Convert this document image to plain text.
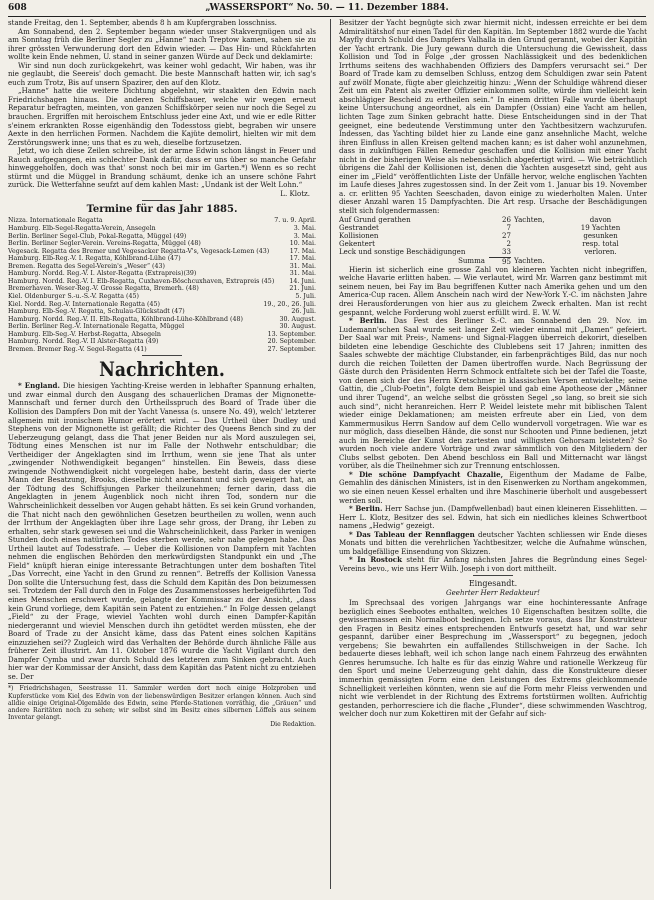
608	„WASSERSPORT“ No. 50. — 11. Dezember 1884.

stande Freitag, den 1. September, abends 8 h am Kupfergraben losschniss.

Am Sonnabend, den 2. September begann wieder unser Stakvergnügen und als am Sonntag früh die Berliner Segler zu „Hanne“ nach Treptow kamen, sahen sie zu ihrer grössten Verwunderung dort den Edwin wieder. — Das Hin- und Rückfahrten wollte kein Ende nehmen, U. stand in seiner ganzen Würde auf Deck und deklamirte:

Wir sind nun doch zurückgekehrt, was keiner wohl gedacht, Wir haben, was ihr nie geglaubt, die Seereis' doch gemacht. Die beste Mannschaft hatten wir, ich sag's euch zum Trotz, Bis auf unsern Spazirer, den auf den Klotz.

„Hanne“ hatte die weitere Dichtung abgelehnt, wir staakten den Edwin nach Friedrichshagen hinaus. Die anderen Schiffsbauer, welche wir wegen erneut Reparatur befragten, meinten, von ganzen Schiffskörper seien nur noch die Segel zu brauchen. Ergriffen mit heroischem Entschluss jeder eine Axt, und wie er edle Ritter s'einem erkrankten Rosse eigenhändig den Todesstoss giebt, begraben wir unsere Aexte in den herrlichen Formen. Nachdem die Kajüte demolirt, hielten wir mit dem Zerstörungswerk inne; uns that es zu weh, dieselbe fortzusetzen.

Jetzt, wo ich diese Zeilen schreibe, ist der arme Edwin schon längst in Feuer und Rauch aufgegangen, ein schlechter Dank dafür, dass er uns über so manche Gefahr hinweggeholfen, doch was that' sonst noch bei mir im Garten.*) Wenn es so recht stürmt und die Müggel in Brandung schäumt, denke ich an unsere schöne Fahrt zurück. Die Wetterfahne seufzt auf dem kahlen Mast: „Undank ist der Welt Lohn.“

L. Klotz.
Termine für das Jahr 1885.
Nizza. Internationale Regatta	7. u. 9. April.
Hamburg. Elb-Segel-Regatta-Verein, Ansegeln	3. Mai.
Berlin. Berliner Segel-Club, Pokal-Regatta, Müggel (49)	3. Mai.
Berlin. Berliner Segler-Verein. Vereins-Regatta, Müggel (48)	10. Mai.
Vegesack. Regatta des Bremer und Vegesacker Regatta-V's, Vegesack-Lemen (43)	17. Mai.
Hamburg. Elb-Reg.-V. I. Regatta, Köhlbrand-Lühe (47)	17. Mai.
Bremen. Regatta des Segel-Verein's „Weser“ (43)	31. Mai.
Hamburg. Nordd. Reg.-V. I. Alster-Regatta (Extrapreis)(39)	31. Mai.
Hamburg. Nordd. Reg.-V. I. Elb-Regatta, Cuxhaven-Böschcuxhaven, Extrapreis (45)	14. Juni.
Bremerhaven. Weser-Reg.-V. Grosse Regatta, Bremerh. (48)	21. Juni.
Kiel. Oldenburger S.-u.-S.-V. Regatta (45)	5. Juli.
Kiel. Nordd. Reg.-V. Internationale Regatta (45)	19., 20., 26. Juli.
Hamburg. Elb-Seg.-V. Regatta, Schulau-Glückstadt (47)	26. Juli.
Hamburg. Nordd. Reg.-V. II. Elb-Regatta, Köhlbrand-Lühe-Köhlbrand (48)	30. August.
Berlin. Berliner Reg.-V. Internationale Regatta, Müggel	30. August.
Hamburg. Elb-Seg.-V. Herbst-Regatta, Absegeln	13. September.
Hamburg. Nordd. Reg.-V. II Alster-Regatta (49)	20. September.
Bremen. Bremer Reg.-V. Segel-Regatta (41)	27. September.
Nachrichten.

* England. Die hiesigen Yachting-Kreise werden in lebhafter Spannung erhalten, und zwar einmal durch den Ausgang des schauerlichen Dramas der Mignonette-Mannschaft und ferner durch den Urtheilsspruch des Board of Trade über die Kollision des Dampfers Don mit der Yacht Vanessa (s. unsere No. 49), welch' letzterer allgemein mit ironischem Humor erörtert wird. — Das Urtheil über Dudley und Stephens von der Mignonette ist gefällt; die Richter des Queens Bench sind zu der Ueberzeugung gelangt, dass die That jener Beiden nur als Mord auszulegen sei, Tödtung eines Menschen ist nur im Falle der Nothwehr entschuldbar; die Vertheidiger der Angeklagten sind im Irrthum, wenn sie jene That als unter „zwingender Nothwendigkeit begangen“ hinstellen. Ein Beweis, dass diese zwingende Nothwendigkeit nicht vorgelegen habe, besteht darin, dass der vierte Mann der Besatzung, Brooks, dieselbe nicht anerkannt und sich geweigert hat, an der Tödtung des Schiffsjungen Parker theilzunehmen; ferner darin, dass die Angeklagten in jenem Augenblick noch nicht ihren Tod, sondern nur die Wahrscheinlichkeit desselben vor Augen gehabt hätten. Es sei kein Grund vorhanden, die That nicht nach den gewöhnlichen Gesetzen beurtheilen zu wollen, wenn auch der Irrthum der Angeklagten über ihre Lage sehr gross, der Drang, ihr Leben zu erhalten, sehr stark gewesen sei und die Wahrscheinlichkeit, dass Parker in wenigen Stunden doch eines natürlichen Todes sterben werde, sehr nahe gelegen habe. Das Urtheil lautet auf Todesstrafe. — Ueber die Kollisionen von Dampfern mit Yachten nehmen die englischen Behörden den merkwürdigsten Standpunkt ein und „The Field“ knüpft hieran einige interessante Betrachtungen unter dem boshaften Titel „Das Vorrecht, eine Yacht in den Grund zu rennen“. Betreffs der Kollision Vanessa Don sollte die Untersuchung fest, dass die Schuld dem Kapitän des Don beizumessen sei. Trotzdem der Fall durch den in Folge des Zusammenstosses herbeigeführten Tod eines Menschen erschwert wurde, gelangte der Kommissar zu der Ansicht, „dass kein Grund vorliege, dem Kapitän sein Patent zu entziehen.“ In Folge dessen gelangt „Field“ zu der Frage, wieviel Yachten wohl durch einen Dampfer-Kapitän niedergerannt und wieviel Menschen durch ihn getödtet werden müssten, ehe der Board of Trade zu der Ansicht käme, dass das Patent eines solchen Kapitäns einzuziehen sei?? Zugleich wird das Verhalten der Behörde durch ähnliche Fälle aus früherer Zeit illustrirt. Am 11. Oktober 1876 wurde die Yacht Vigilant durch den Dampfer Cymba und zwar durch Schuld des letzteren zum Sinken gebracht. Auch hier war der Kommissar der Ansicht, dass dem Kapitän das Patent nicht zu entziehen se. Der

*) Friedrichshagen, Seestrasse 11. Sammler werden dort noch einige Holzproben und Kupferstücke vom Kiel des Edwin von der liebenswürdigen Besitzer erlangen können. Auch sind alldie einige Original-Ölgemälde des Edwin, seine Pferde-Stationen vorräthig, die „Gräuen“ und andere Raritäten noch zu sehen; wir selbst sind im Besitz eines silbernen Löffels aus seinem Inventar gelangt.
Die Redaktion.

Besitzer der Yacht begnügte sich zwar hiermit nicht, indessen erreichte er bei dem Admiralitätshof nur einen Tadel für den Kapitän. Im September 1882 wurde die Yacht Mayfly durch Schuld des Dampfers Valhalla in den Grund gerannt, wobei der Kapitän der Yacht ertrank. Die Jury gewann durch die Untersuchung die Gewissheit, dass Kollision und Tod in Folge „der grossen Nachlässigkeit und des bedenklichen Irrthums seitens des wachhabenden Offiziers des Dampfers verursacht sei.“ Der Board of Trade kam zu demselben Schluss, entzog dem Schuldigen zwar sein Patent auf zwölf Monate, fügte aber gleichzeitig hinzu: „Wenn der Schuldige während dieser Zeit um ein Patent als zweiter Offizier einkommen sollte, würde ihm vielleicht kein abschlägiger Bescheid zu ertheilen sein.“ In einem dritten Falle wurde überhaupt keine Untersuchung angeordnet, als ein Dampfer (Ossian) eine Yacht am hellen, lichten Tage zum Sinken gebracht hatte. Diese Entscheidungen sind in der That geeignet, eine bedeutende Verstimmung unter den Yachtbesitzern wachzurufen. Indessen, das Yachting bildet hier zu Lande eine ganz ansehnliche Macht, welche ihren Einfluss in allen Kreisen geltend machen kann; es ist daher wohl anzunehmen, dass in zukünftigen Fällen Remedur geschaffen und die Kollision mit einer Yacht nicht in der bisherigen Weise als nebensächlich abgefertigt wird. — Wie beträchtlich übrigens die Zahl der Kollisionen ist, denen die Yachten ausgesetzt sind, geht aus einer im „Field“ veröffentlichten Liste der Unfälle hervor, welche englischen Yachten im Laufe dieses Jahres zugestossen sind. In der Zeit vom 1. Januar bis 19. November a. cr. erlitten 95 Yachten Seeschaden, davon einige zu wiederholten Malen. Unter dieser Anzahl waren 15 Dampfyachten. Die Art resp. Ursache der Beschädigungen stellt sich folgendermassen:

Auf Grund gerathen	26 Yachten,	davon
Gestrandet	7	19 Yachten
Kollisionen	27	gesunken
Gekentert	2	resp. total
Leck und sonstige Beschädigungen	33	verloren.
Summa	95 Yachten.

Hierin ist sicherlich eine grosse Zahl von kleineren Yachten nicht inbegriffen, welche Havarie erlitten haben. — Wie verlautet, wird Mr. Warren ganz bestimmt mit seinem neuen, bei Fay im Bau begriffenen Kutter nach Amerika gehen und um den America-Cup racen. Allem Anschein nach wird der New-York Y.-C. im nächsten Jahre drei Herausforderungen von hier aus zu gleichem Zweck erhalten. Man ist recht gespannt, welche Forderung wohl zuerst erfüllt wird. E. W. W.

* Berlin. Das Fest des Berliner S.-C. am Sonnabend den 29. Nov. im Ludemann'schen Saal wurde seit langer Zeit wieder einmal mit „Damen“ gefeiert. Der Saal war mit Preis-, Namens- und Signal-Flaggen überreich dekorirt, dieselben bildeten eine lebendige Geschichte des Clublebens seit 17 Jahren; inmitten des Saales schwebte der mächtige Clubstander, ein farbenprächtiges Bild, das nur noch durch die reichen Toiletten der Damen übertroffen wurde. Nach Begrüssung der Gäste durch den Präsidenten Herrn Schmock entfaltete sich bei der Tafel die Toaste, von denen sich der des Herrn Kretschmer in klassischen Versen entwickelte; seine Gattin, die „Club-Poetin“, folgte dem Beispiel und gab eine Apotheose der „Männer und ihrer Tugend“, an welche selbst die grössten Segel „so lang, so breit sie sich auch sind“, nicht heranreichen. Herr P. Weidel leistete mehr mit biblischen Talent wieder einige Deklamationen; am meisten erfreute aber ein Lied, von dem Kammermusikus Herrn Sandow auf dem Cello wundervoll vorgetragen. Wie war es nur möglich, dass dieselben Hände, die sonst nur Schooten und Pinne bedienen, jetzt auch im Bereiche der Kunst den zartesten und willigsten Gehorsam leisteten? So wurden noch viele andere Vorträge und zwar sämmtlich von den Mitgliedern der Clubs selbst geboten. Den Abend beschloss ein Ball und Mitternacht war längst vorüber, als die Theilnehmer sich zur Trennung entschlossen.

* Die schöne Dampfyacht Chazalie, Eigenthum der Madame de Falbe, Gemahlin des dänischen Ministers, ist in den Eisenwerken zu Northam angekommen, wo sie einen neuen Kessel erhalten und ihre Maschinerie überholt und ausgebessert werden soll.

* Berlin. Herr Sachse jun. (Dampfwellenbad) baut einen kleineren Eissehlitten. — Herr L. Klotz, Besitzer des sel. Edwin, hat sich ein niedliches kleines Schwertboot namens „Hedwig“ gezeigt.

* Das Tableau der Rennflaggen deutscher Yachten schliessen wir Ende dieses Monats und bitten die verehrlichen Yachtbesitzer, welche die Aufnahme wünschen, um baldgefällige Einsendung von Skizzen.

* In Rostock steht für Anfang nächsten Jahres die Begründung eines Segel-Vereins bevo., wie uns Herr Wilh. Joseph i von dort mittheilt.

Eingesandt.
Geehrter Herr Redakteur!

Im Sprechsaal des vorigen Jahrgangs war eine hochinteressante Anfrage bezüglich eines Seebootes enthalten, welches 10 Eigenschaften besitzen sollte, die gewissermassen ein Normalboot bedingen. Ich setze voraus, dass Ihr Konstrukteur den Fragen in Besitz eines entsprechenden Entwurfs gesetzt hat, und war sehr gespannt, darüber einer Besprechung im „Wassersport“ zu begegnen, jedoch vergebens; Sie bewahrten ein auffallendes Stillschweigen in der Sache. Ich bedauerte dieses lebhaft, weil ich schon lange nach einem Fahrzeug des erwähnten Genres herumsuche. Ich halte es für das einzig Wahre und rationelle Werkzeug für den Sport und meine Ueberzeugung geht dahin, dass die Konstrukteure dieser immerhin gemässigten Form eine den Leistungen des Extrems gleichkommende Schnelligkeit verleihen könnten, wenn sie auf die Form mehr Fleiss verwenden und nicht wie verblendet in der Richtung des Extrems fortstürmen wollten. Aufrichtig gestanden, perhorresciere ich die flache „Flunder“, diese schwimmenden Waschtrog, welcher doch nur zum Kokettiren mit der Gefahr auf sich-
